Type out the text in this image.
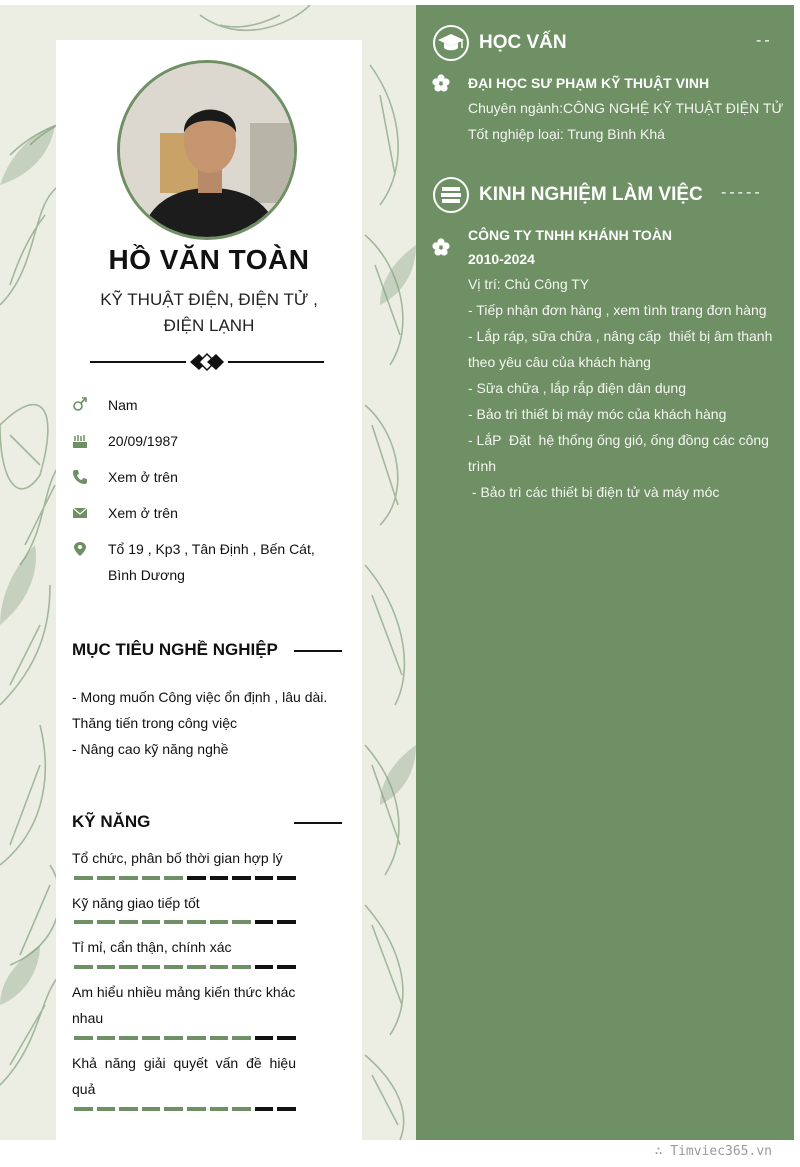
HỒ VĂN TOÀN
KỸ THUẬT ĐIỆN, ĐIỆN TỬ ,
ĐIỆN LẠNH
Nam
20/09/1987
Xem ở trên
Xem ở trên
Tổ 19 , Kp3 , Tân Định , Bến Cát,
Bình Dương
MỤC TIÊU NGHỀ NGHIỆP
- Mong muốn Công việc ổn định , lâu dài.
Thăng tiến trong công việc
- Nâng cao kỹ năng nghề
KỸ NĂNG
Tổ chức, phân bố thời gian hợp lý
Kỹ năng giao tiếp tốt
Tỉ mỉ, cẩn thận, chính xác
Am hiểu nhiều mảng kiến thức khác
nhau
Khả năng giải quyết vấn đề hiệu
quả
HỌC VẤN	--
ĐẠI HỌC SƯ PHẠM KỸ THUẬT VINH
Chuyên ngành:CÔNG NGHỆ KỸ THUẬT ĐIỆN TỬ
Tốt nghiệp loại: Trung Bình Khá
KINH NGHIỆM LÀM VIỆC -----
CÔNG TY TNHH KHÁNH TOÀN
2010-2024
Vị trí: Chủ Công TY
- Tiếp nhận đơn hàng , xem tình trang đơn hàng
- Lắp ráp, sữa chữa , nâng cấp  thiết bị âm thanh
theo yêu câu của khách hàng
- Sữa chữa , lắp rắp điện dân dụng
- Bảo trì thiết bị máy móc của khách hàng
- LắP  Đặt  hệ thống ống gió, ống đồng các công
trình
- Bảo trì các thiết bị điện tử và máy móc
∴ Timviec365.vn
